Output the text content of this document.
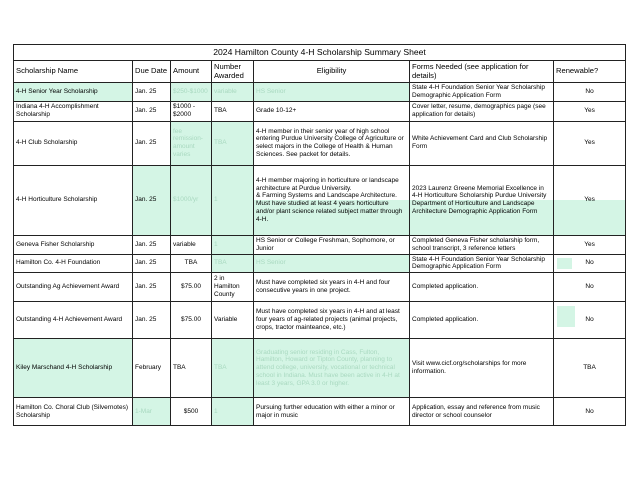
2024 Hamilton County 4-H Scholarship Summary Sheet						
Scholarship Name	Due Date	Amount	Number Awarded	Eligibility	Forms Needed (see application for details)	Renewable?
4-H Senior Year Scholarship	Jan. 25	$250-$1000	variable	HS Senior	State 4-H Foundation Senior Year Scholarship Demographic Application Form	No
Indiana 4-H Accomplishment Scholarship	Jan. 25	$1000 - $2000	TBA	Grade 10-12+	Cover letter, resume, demographics page (see application for details)	Yes
4-H Club Scholarship	Jan. 25	fee remission- amount varies	TBA	4-H member in their senior year of high school entering Purdue University College of Agriculture or select majors in the College of Health & Human Sciences. See packet for details.	White Achievement Card and Club Scholarship Form	Yes
4-H Horticulture Scholarship	Jan. 25	$1000/yr	1	4-H member majoring in horticulture or landscape architecture at Purdue University.
& Farming Systems and Landscape Architecture. Must have studied at least 4 years horticulture and/or plant science related subject matter through 4-H.	2023 Laurenz Greene Memorial Excellence in 4-H Horticulture Scholarship Purdue University Department of Horticulture and Landscape Architecture Demographic Application Form	Yes

Geneva Fisher Scholarship	Jan. 25	variable	1	HS Senior or College Freshman, Sophomore, or Junior	Completed Geneva Fisher scholarship form, school transcript, 3 reference letters	Yes
Hamilton Co. 4-H Foundation	Jan. 25	TBA	TBA	HS Senior	State 4-H Foundation Senior Year Scholarship Demographic Application Form	No
Outstanding Ag Achievement Award	Jan. 25	$75.00	2 in Hamilton County	Must have completed six years in 4-H and four consecutive years in one project.	Completed application.	No
Outstanding 4-H Achievement Award	Jan. 25	$75.00	Variable	Must have completed six years in 4-H and at least four years of ag-related projects (animal projects, crops, tractor mainteance, etc.)	Completed application.	No
Kiley Marschand 4-H Scholarship	February	TBA	TBA	Graduating senior residing in Cass, Fulton, Hamilton, Howard or Tipton County, planning to attend college, university, vocational or technical school in Indiana. Must have been active in 4-H at least 3 years, GPA 3.0 or higher.	Visit www.cicf.org/scholarships for more information.	TBA
Hamilton Co. Choral Club (Silvernotes) Scholarship	1-Mar	$500	1	Pursuing further education with either a minor or major in music	Application, essay and reference from music director or school counselor	No
